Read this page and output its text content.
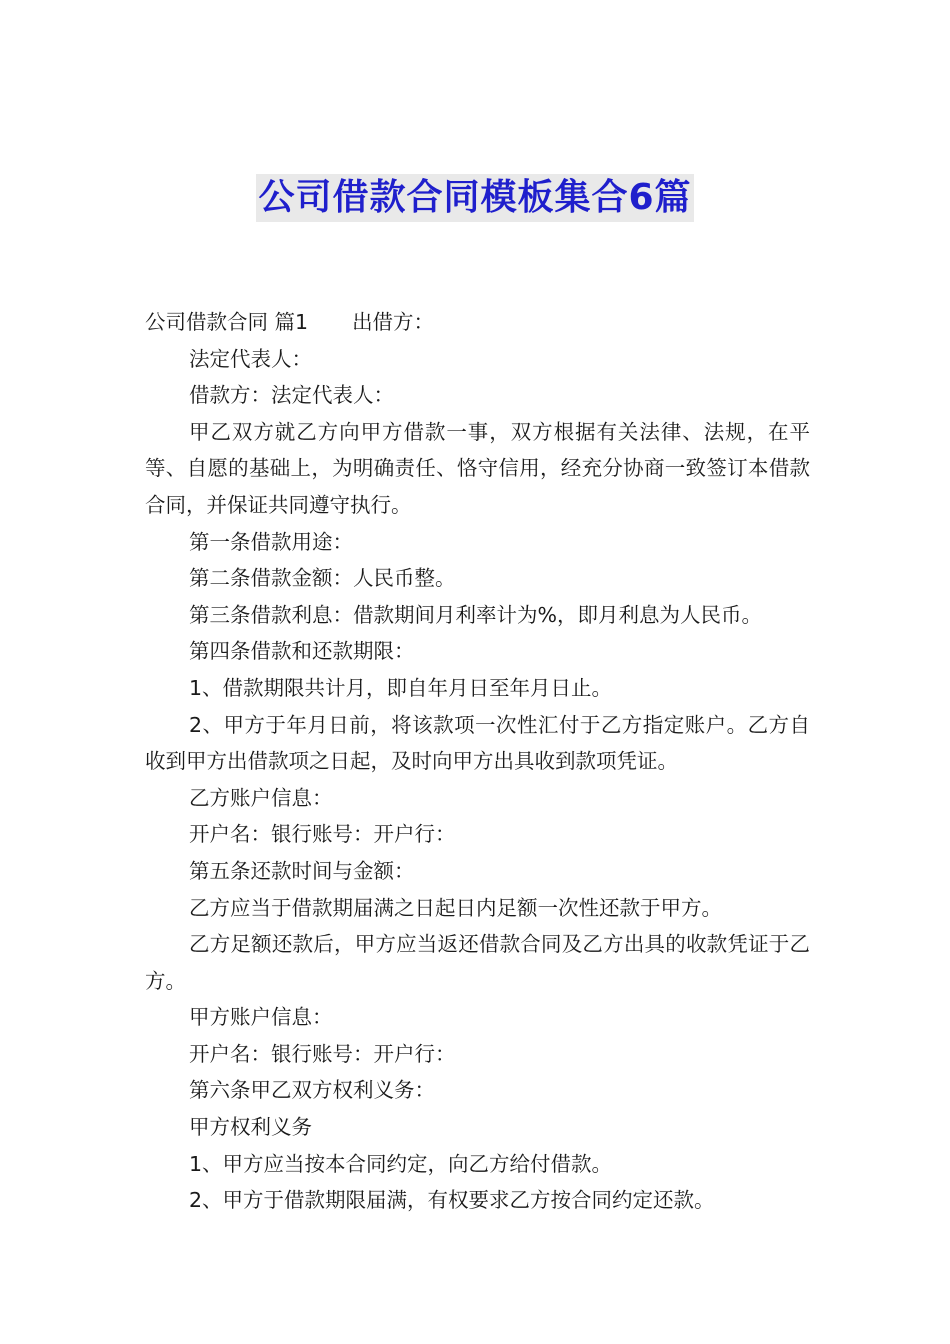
公司借款合同模板集合6篇

公司借款合同 篇1 出借方：

法定代表人：

借款方：法定代表人：

甲乙双方就乙方向甲方借款一事，双方根据有关法律、法规，在平等、自愿的基础上，为明确责任、恪守信用，经充分协商一致签订本借款合同，并保证共同遵守执行。

第一条借款用途：

第二条借款金额：人民币整。

第三条借款利息：借款期间月利率计为%，即月利息为人民币。

第四条借款和还款期限：

1、借款期限共计月，即自年月日至年月日止。

2、甲方于年月日前，将该款项一次性汇付于乙方指定账户。乙方自收到甲方出借款项之日起，及时向甲方出具收到款项凭证。

乙方账户信息：

开户名：银行账号：开户行：

第五条还款时间与金额：

乙方应当于借款期届满之日起日内足额一次性还款于甲方。

乙方足额还款后，甲方应当返还借款合同及乙方出具的收款凭证于乙方。

甲方账户信息：

开户名：银行账号：开户行：

第六条甲乙双方权利义务：

甲方权利义务

1、甲方应当按本合同约定，向乙方给付借款。

2、甲方于借款期限届满，有权要求乙方按合同约定还款。
